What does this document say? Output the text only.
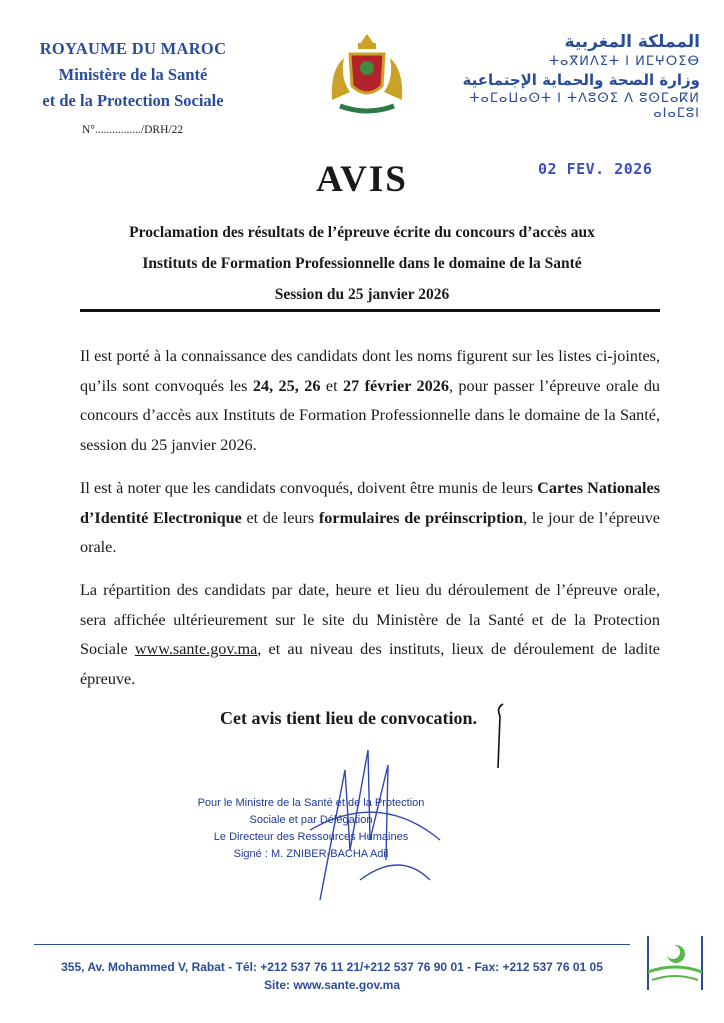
ROYAUME DU MAROC
Ministère de la Santé
et de la Protection Sociale
N°................/DRH/22
المملكة المغربية
ⵜⴰⴳⵍⴷⵉⵜ ⵏ ⵍⵎⵖⵔⵉⴱ
وزارة الصحة والحماية الإجتماعية
ⵜⴰⵎⴰⵡⴰⵙⵜ ⵏ ⵜⴷⵓⵙⵉ ⴷ ⵓⵙⵎⴰⴽⵍ ⴰⵏⴰⵎⵓⵏ
AVIS	02 FEV. 2026
Proclamation des résultats de l’épreuve écrite du concours d’accès aux
Instituts de Formation Professionnelle dans le domaine de la Santé
Session du 25 janvier 2026
Il est porté à la connaissance des candidats dont les noms figurent sur les listes ci-jointes, qu’ils sont convoqués les 24, 25, 26 et 27 février 2026, pour passer l’épreuve orale du concours d’accès aux Instituts de Formation Professionnelle dans le domaine de la Santé, session du 25 janvier 2026.
Il est à noter que les candidats convoqués, doivent être munis de leurs Cartes Nationales d’Identité Electronique et de leurs formulaires de préinscription, le jour de l’épreuve orale.
La répartition des candidats par date, heure et lieu du déroulement de l’épreuve orale, sera affichée ultérieurement sur le site du Ministère de la Santé et de la Protection Sociale www.sante.gov.ma, et au niveau des instituts, lieux de déroulement de ladite épreuve.
Cet avis tient lieu de convocation.
Pour le Ministre de la Santé et de la Protection
Sociale et par Délégation
Le Directeur des Ressources Humaines
Signé : M. ZNIBER-BACHA Adil
355, Av. Mohammed V, Rabat - Tél: +212 537 76 11 21/+212 537 76 90 01 - Fax: +212 537 76 01 05
Site: www.sante.gov.ma
